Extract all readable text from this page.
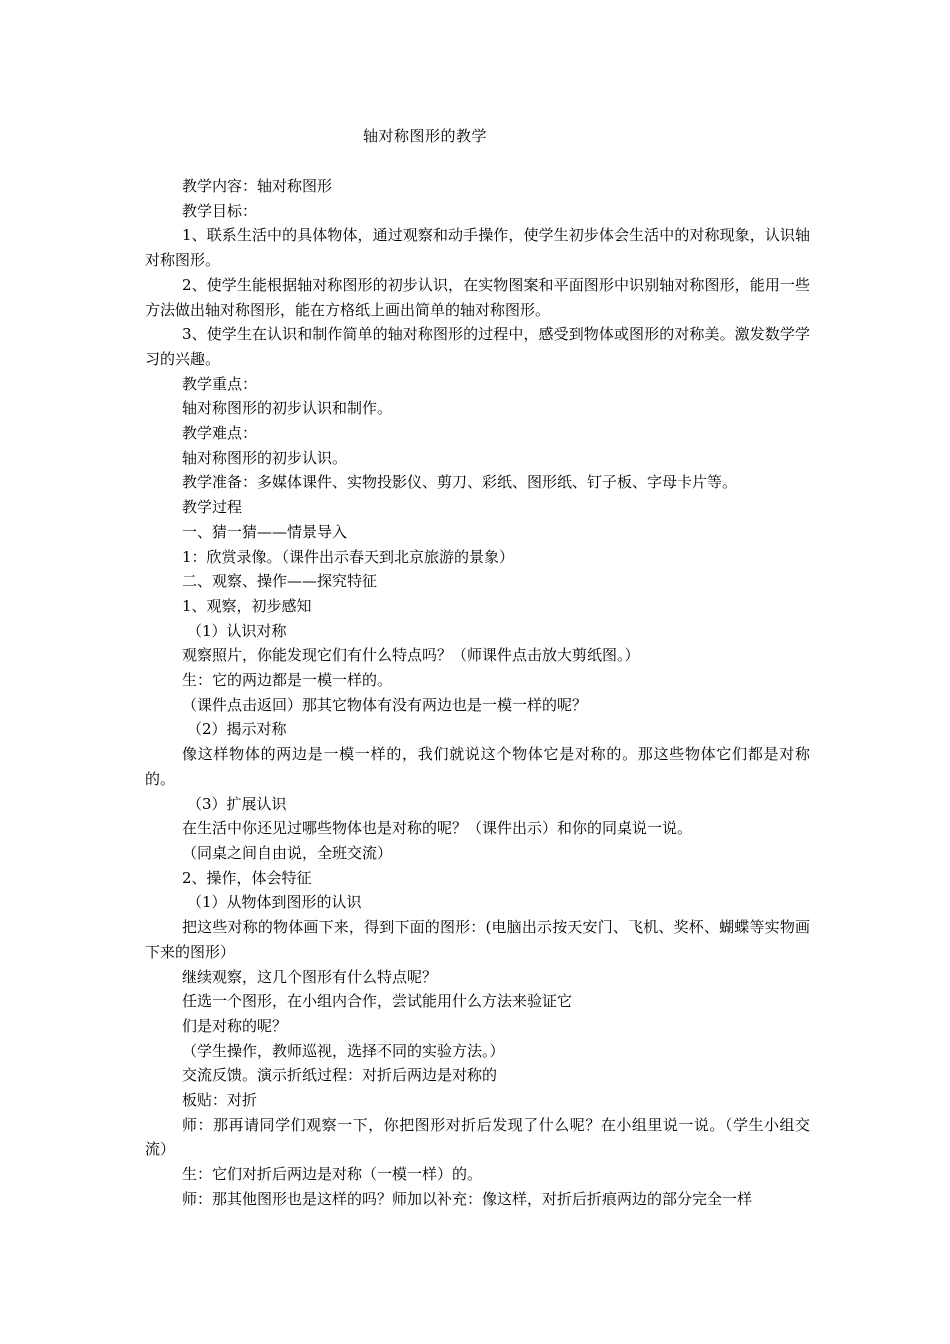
轴对称图形的教学

教学内容：轴对称图形

教学目标：

1、联系生活中的具体物体，通过观察和动手操作，使学生初步体会生活中的对称现象，认识轴对称图形。

2、使学生能根据轴对称图形的初步认识，在实物图案和平面图形中识别轴对称图形，能用一些方法做出轴对称图形，能在方格纸上画出简单的轴对称图形。

3、使学生在认识和制作简单的轴对称图形的过程中，感受到物体或图形的对称美。激发数学学习的兴趣。

教学重点：

轴对称图形的初步认识和制作。

教学难点：

轴对称图形的初步认识。

教学准备：多媒体课件、实物投影仪、剪刀、彩纸、图形纸、钉子板、字母卡片等。

教学过程

一、猜一猜——情景导入

1：欣赏录像。（课件出示春天到北京旅游的景象）

二、观察、操作——探究特征

1、观察，初步感知

（1）认识对称

观察照片，你能发现它们有什么特点吗？（师课件点击放大剪纸图。）

生：它的两边都是一模一样的。

（课件点击返回）那其它物体有没有两边也是一模一样的呢？

（2）揭示对称

像这样物体的两边是一模一样的，我们就说这个物体它是对称的。那这些物体它们都是对称的。

（3）扩展认识

在生活中你还见过哪些物体也是对称的呢？（课件出示）和你的同桌说一说。

（同桌之间自由说，全班交流）

2、操作，体会特征

（1）从物体到图形的认识

把这些对称的物体画下来，得到下面的图形：(电脑出示按天安门、飞机、奖杯、蝴蝶等实物画下来的图形）

继续观察，这几个图形有什么特点呢？

任选一个图形，在小组内合作，尝试能用什么方法来验证它

们是对称的呢？

（学生操作，教师巡视，选择不同的实验方法。）

交流反馈。演示折纸过程：对折后两边是对称的

板贴：对折

师：那再请同学们观察一下，你把图形对折后发现了什么呢？在小组里说一说。（学生小组交流）

生：它们对折后两边是对称（一模一样）的。

师：那其他图形也是这样的吗？师加以补充：像这样，对折后折痕两边的部分完全一样
